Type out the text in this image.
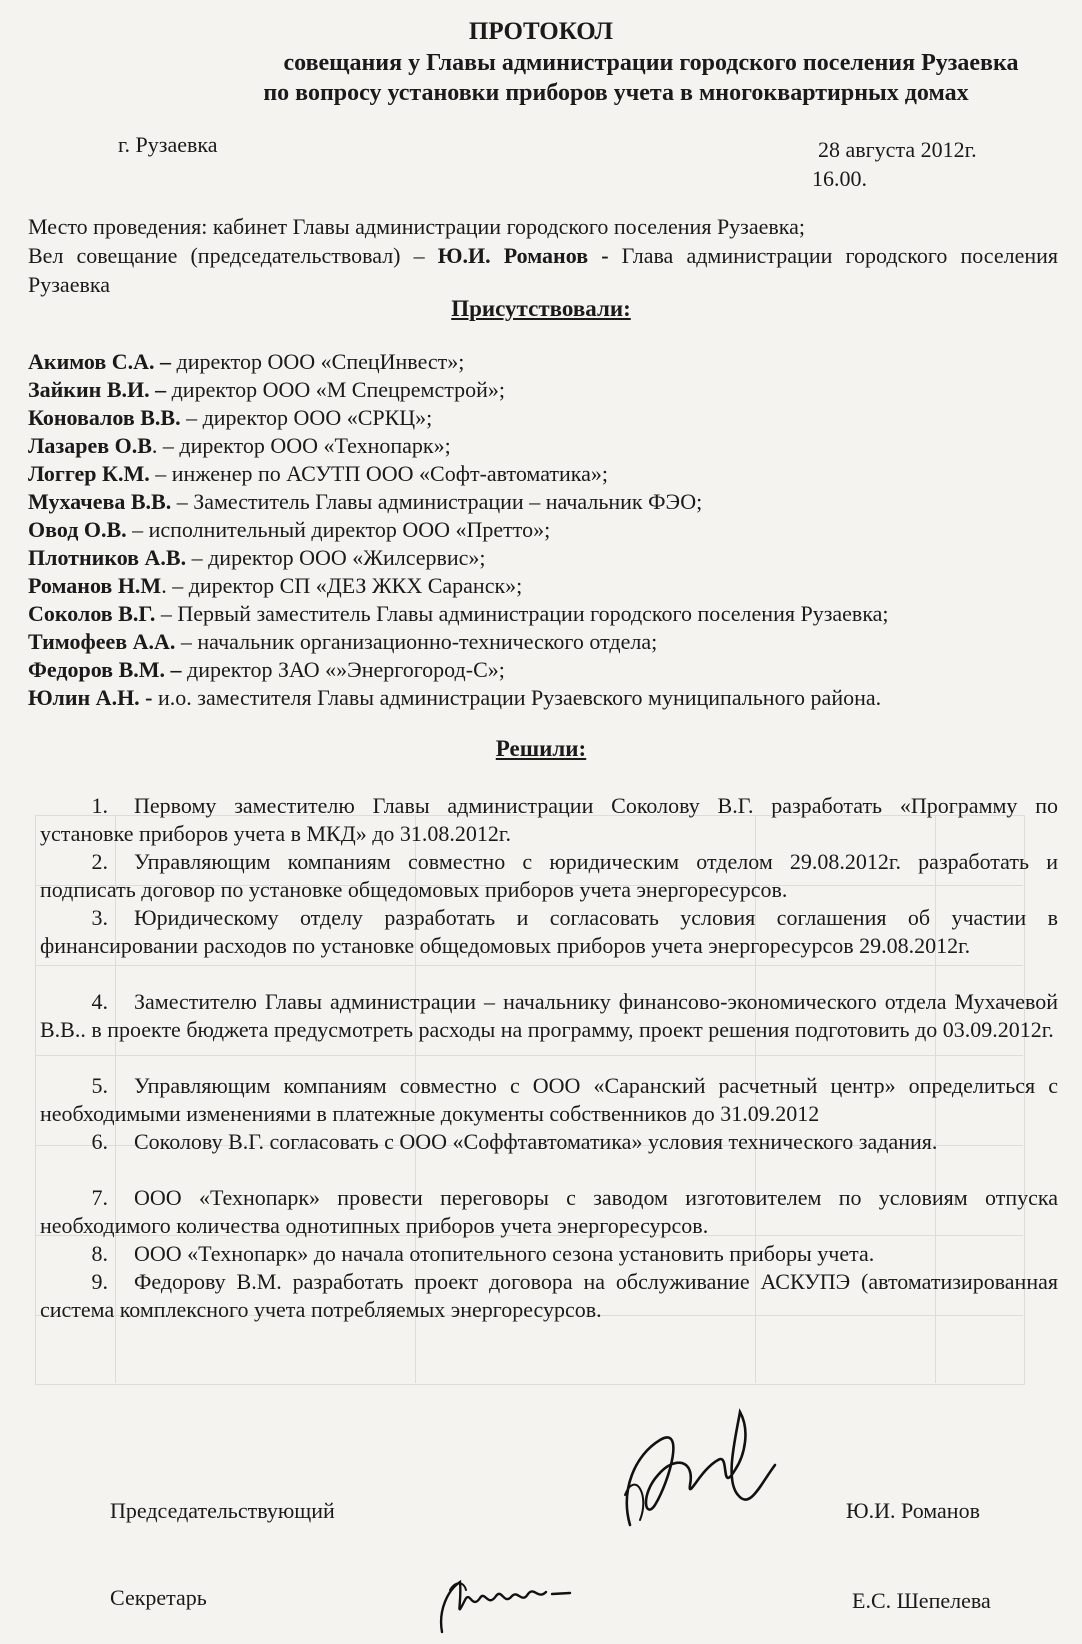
ПРОТОКОЛ
совещания у Главы администрации городского поселения Рузаевка
по вопросу установки приборов учета в многоквартирных домах
г. Рузаевка	28 августа 2012г.
16.00.
Место проведения: кабинет Главы администрации городского поселения Рузаевка;
Вел совещание (председательствовал) – Ю.И. Романов - Глава администрации городского поселения Рузаевка
Присутствовали:
Акимов С.А. – директор ООО «СпецИнвест»;
Зайкин В.И. – директор ООО «М Спецремстрой»;
Коновалов В.В. – директор ООО «СРКЦ»;
Лазарев О.В. – директор ООО «Технопарк»;
Логгер К.М. – инженер по АСУТП ООО «Софт-автоматика»;
Мухачева В.В. – Заместитель Главы администрации – начальник ФЭО;
Овод О.В. – исполнительный директор ООО «Претто»;
Плотников А.В. – директор ООО «Жилсервис»;
Романов Н.М. – директор СП «ДЕЗ ЖКХ Саранск»;
Соколов В.Г. – Первый заместитель Главы администрации городского поселения Рузаевка;
Тимофеев А.А. – начальник организационно-технического отдела;
Федоров В.М. – директор ЗАО «»Энергогород-С»;
Юлин А.Н. - и.о. заместителя Главы администрации Рузаевского муниципального района.
Решили:
1. Первому заместителю Главы администрации Соколову В.Г. разработать «Программу по установке приборов учета в МКД» до 31.08.2012г.
2. Управляющим компаниям совместно с юридическим отделом 29.08.2012г. разработать и подписать договор по установке общедомовых приборов учета энергоресурсов.
3. Юридическому отделу разработать и согласовать условия соглашения об участии в финансировании расходов по установке общедомовых приборов учета энергоресурсов 29.08.2012г.
4. Заместителю Главы администрации – начальнику финансово-экономического отдела Мухачевой В.В.. в проекте бюджета предусмотреть расходы на программу, проект решения подготовить до 03.09.2012г.
5. Управляющим компаниям совместно с ООО «Саранский расчетный центр» определиться с необходимыми изменениями в платежные документы собственников до 31.09.2012
6. Соколову В.Г. согласовать с ООО «Соффтавтоматика» условия технического задания.
7. ООО «Технопарк» провести переговоры с заводом изготовителем по условиям отпуска необходимого количества однотипных приборов учета энергоресурсов.
8. ООО «Технопарк» до начала отопительного сезона установить приборы учета.
9. Федорову В.М. разработать проект договора на обслуживание АСКУПЭ (автоматизированная система комплексного учета потребляемых энергоресурсов.
Председательствующий	Ю.И. Романов
Секретарь	Е.С. Шепелева
